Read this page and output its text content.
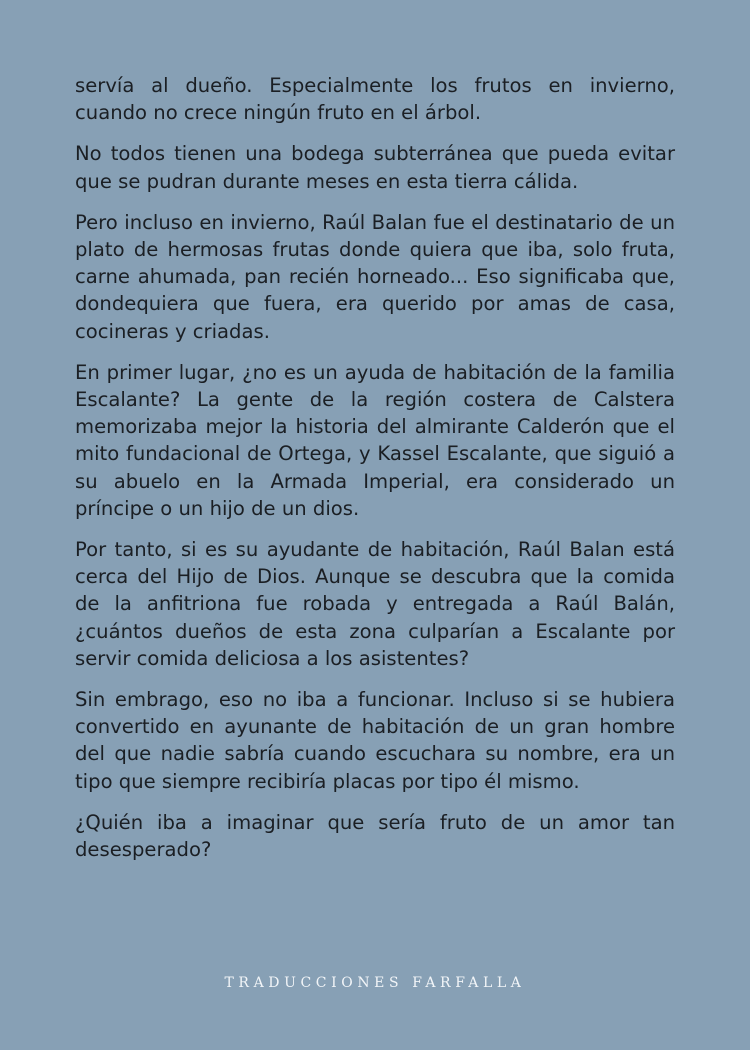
servía al dueño. Especialmente los frutos en invierno, cuando no crece ningún fruto en el árbol.

No todos tienen una bodega subterránea que pueda evitar que se pudran durante meses en esta tierra cálida.

Pero incluso en invierno, Raúl Balan fue el destinatario de un plato de hermosas frutas donde quiera que iba, solo fruta, carne ahumada, pan recién horneado... Eso significaba que, dondequiera que fuera, era querido por amas de casa, cocineras y criadas.

En primer lugar, ¿no es un ayuda de habitación de la familia Escalante? La gente de la región costera de Calstera memorizaba mejor la historia del almirante Calderón que el mito fundacional de Ortega, y Kassel Escalante, que siguió a su abuelo en la Armada Imperial, era considerado un príncipe o un hijo de un dios.

Por tanto, si es su ayudante de habitación, Raúl Balan está cerca del Hijo de Dios. Aunque se descubra que la comida de la anfitriona fue robada y entregada a Raúl Balán, ¿cuántos dueños de esta zona culparían a Escalante por servir comida deliciosa a los asistentes?

Sin embrago, eso no iba a funcionar. Incluso si se hubiera convertido en ayunante de habitación de un gran hombre del que nadie sabría cuando escuchara su nombre, era un tipo que siempre recibiría placas por tipo él mismo.

¿Quién iba a imaginar que sería fruto de un amor tan desesperado?

TRADUCCIONES FARFALLA
